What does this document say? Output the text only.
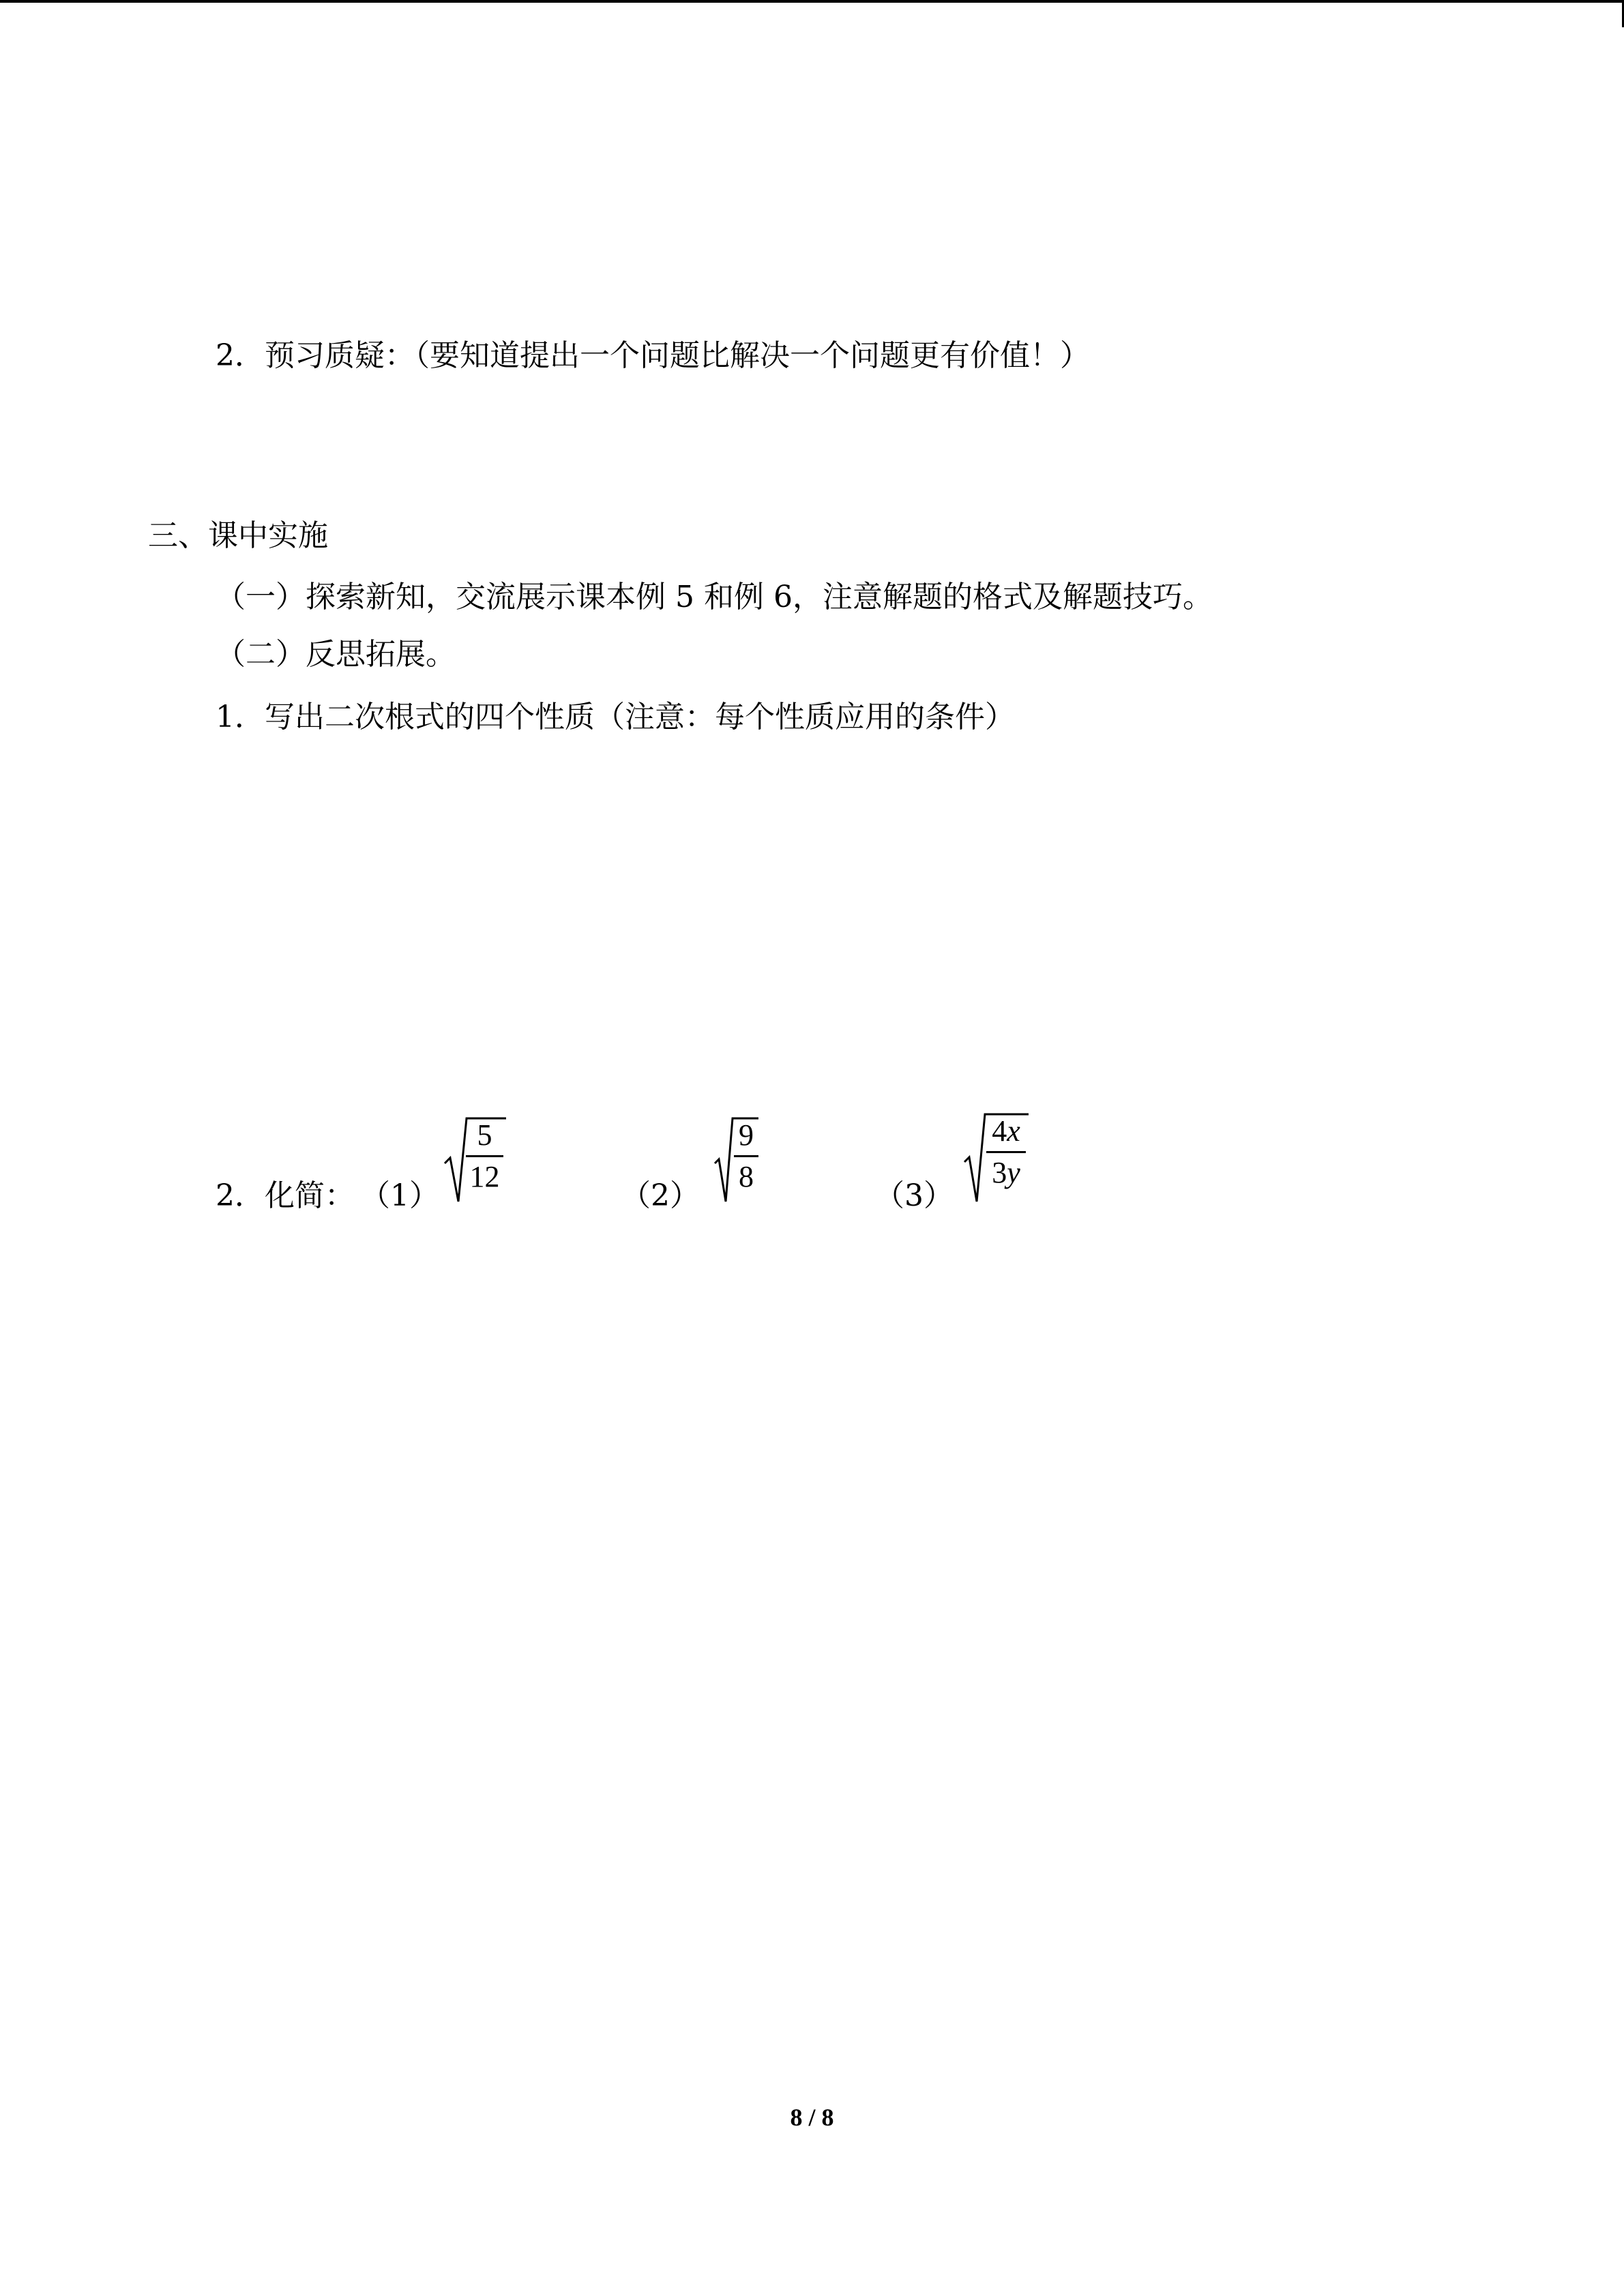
2．预习质疑：（要知道提出一个问题比解决一个问题更有价值！）
三、课中实施
（一）探索新知，交流展示课本例 5 和例 6，注意解题的格式及解题技巧。
（二）反思拓展。
1．写出二次根式的四个性质（注意：每个性质应用的条件）
2．化简： （1）
5
12
（2）
9
8
（3）
4x
3y
8 / 8
